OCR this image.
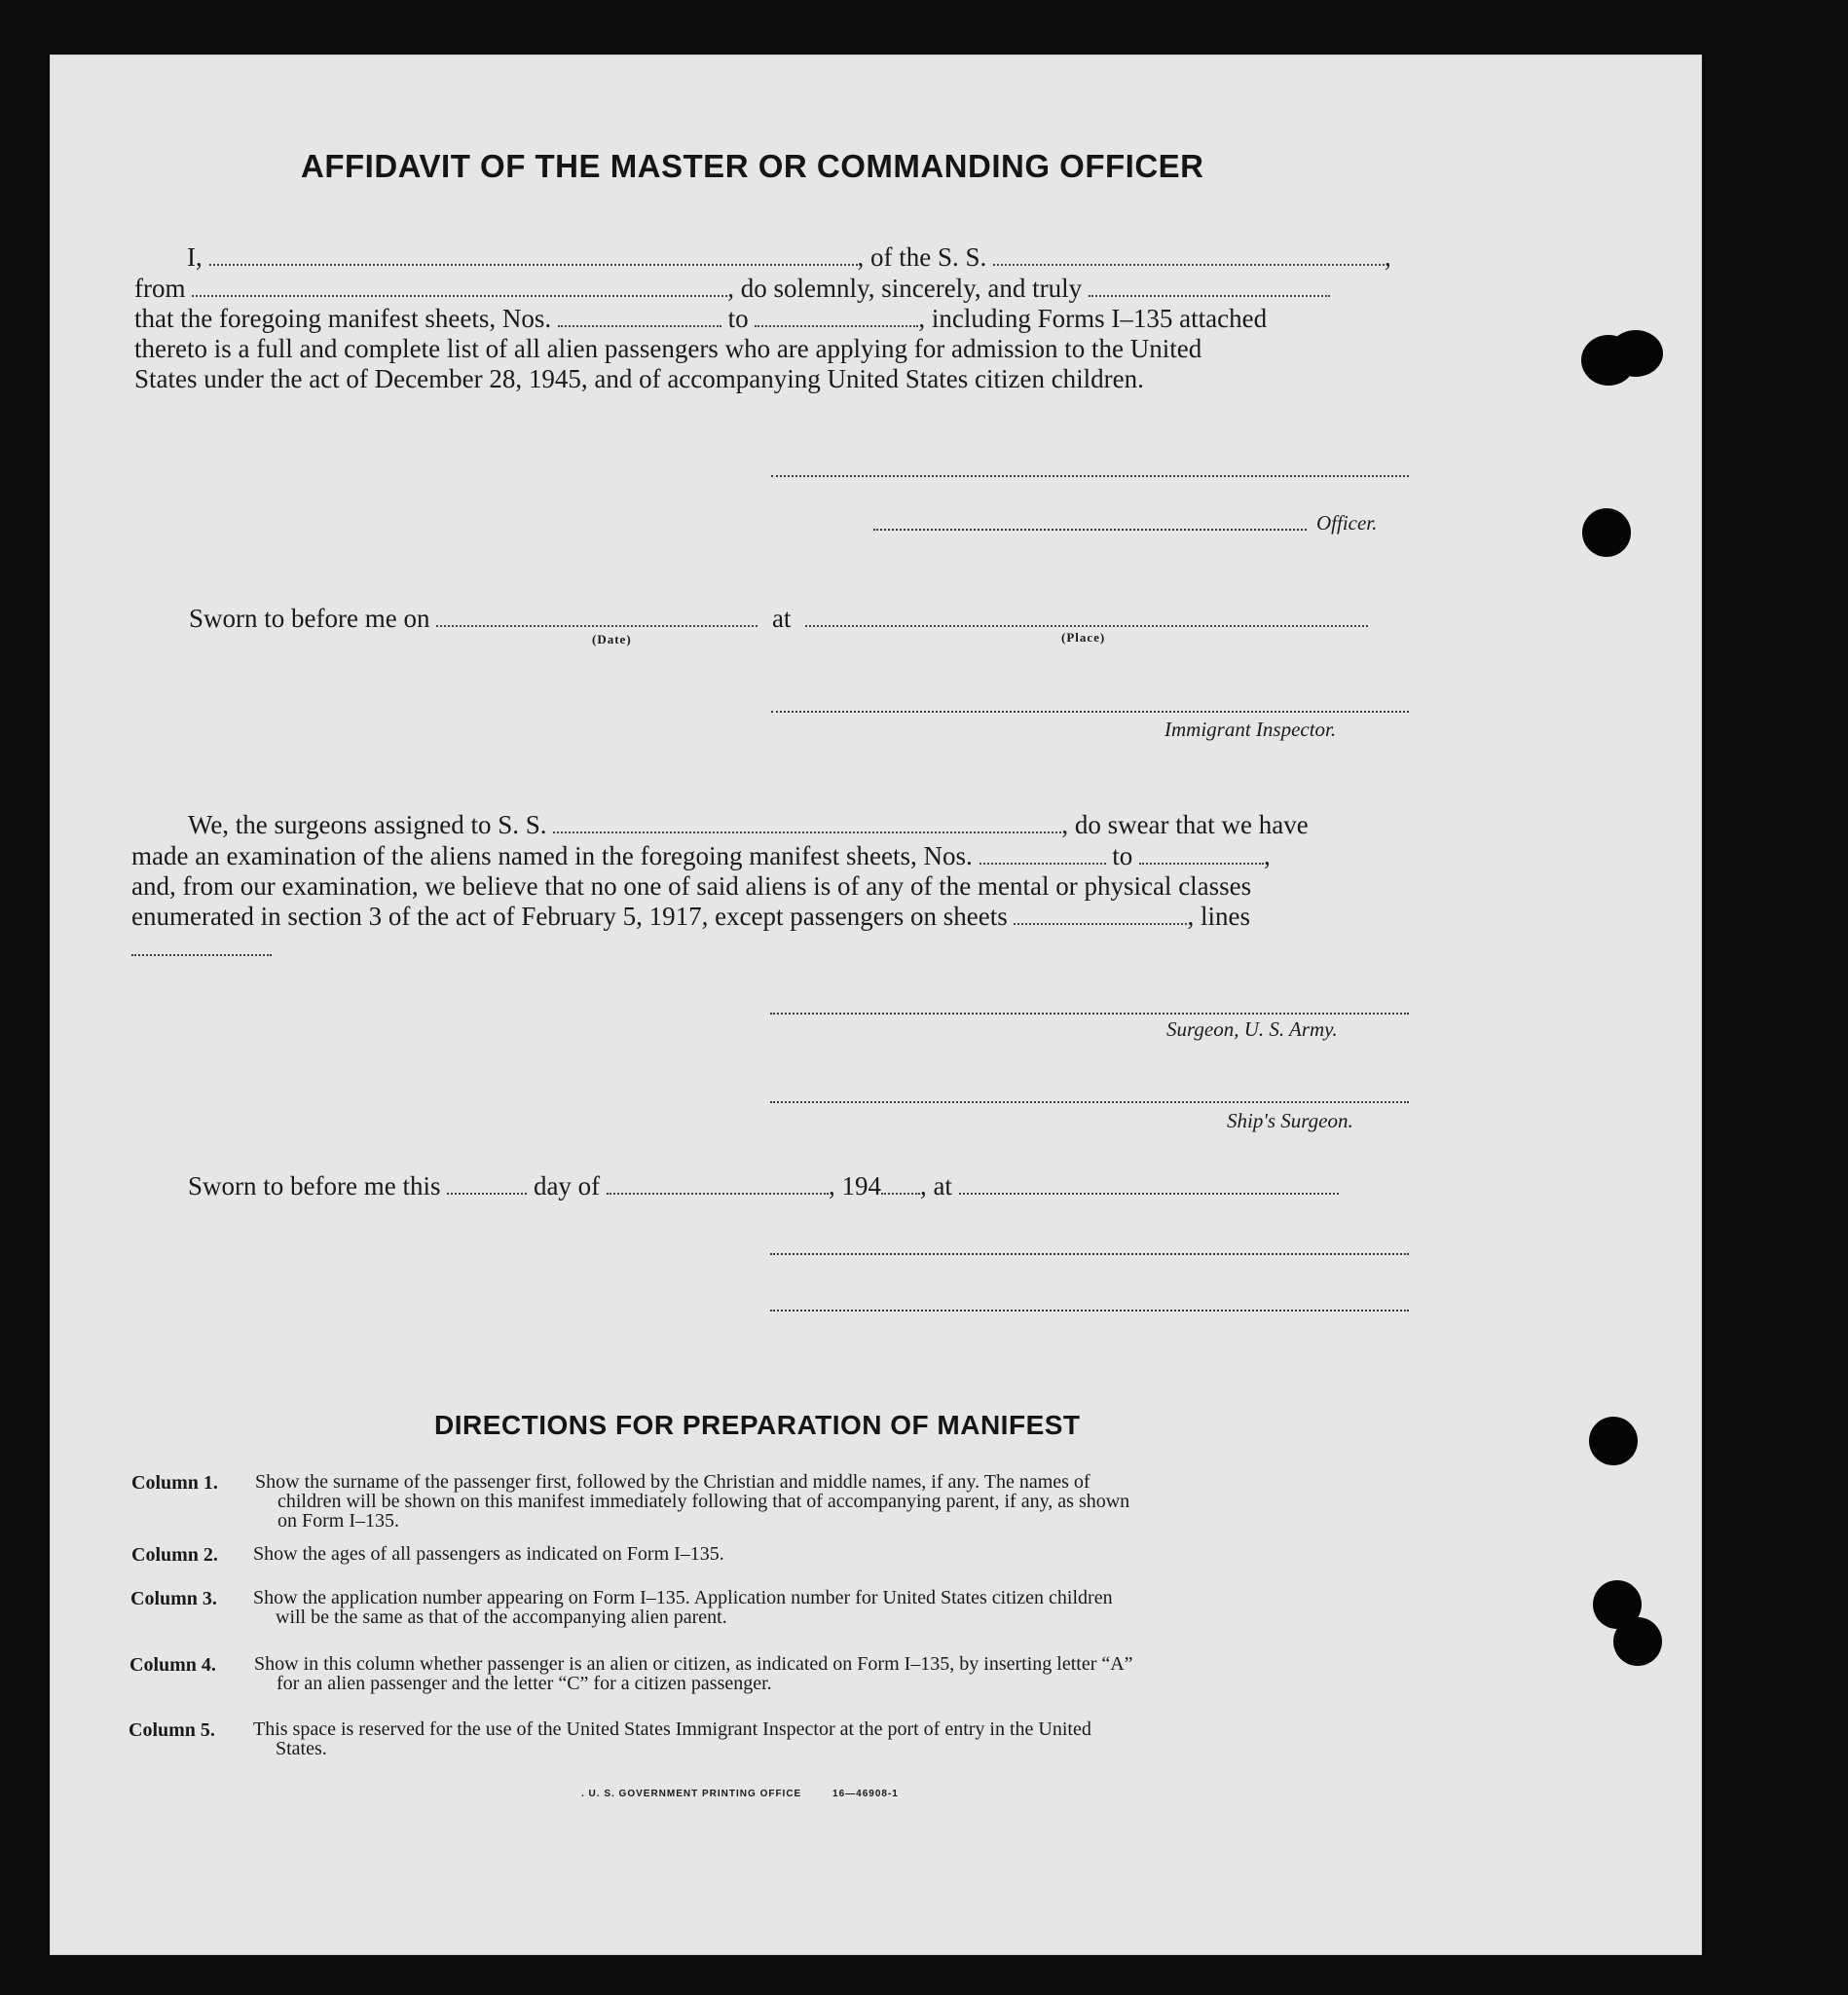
AFFIDAVIT OF THE MASTER OR COMMANDING OFFICER
I,	, of the S. S.	,
from	, do solemnly, sincerely, and truly
that the foregoing manifest sheets, Nos.	to	, including Forms I–135 attached
thereto is a full and complete list of all alien passengers who are applying for admission to the United
States under the act of December 28, 1945, and of accompanying United States citizen children.
Officer.
Sworn to before me on	at
(Date)	(Place)
Immigrant Inspector.
We, the surgeons assigned to S. S.	, do swear that we have
made an examination of the aliens named in the foregoing manifest sheets, Nos.	to	,
and, from our examination, we believe that no one of said aliens is of any of the mental or physical classes
enumerated in section 3 of the act of February 5, 1917, except passengers on sheets	, lines
Surgeon, U. S. Army.
Ship's Surgeon.
Sworn to before me this	day of	, 194 , at
DIRECTIONS FOR PREPARATION OF MANIFEST
Column 1. Show the surname of the passenger first, followed by the Christian and middle names, if any. The names of
children will be shown on this manifest immediately following that of accompanying parent, if any, as shown
on Form I–135.
Column 2. Show the ages of all passengers as indicated on Form I–135.
Column 3. Show the application number appearing on Form I–135. Application number for United States citizen children
will be the same as that of the accompanying alien parent.
Column 4. Show in this column whether passenger is an alien or citizen, as indicated on Form I–135, by inserting letter “A”
for an alien passenger and the letter “C” for a citizen passenger.
Column 5. This space is reserved for the use of the United States Immigrant Inspector at the port of entry in the United
States.
. U. S. GOVERNMENT PRINTING OFFICE	16—46908-1
